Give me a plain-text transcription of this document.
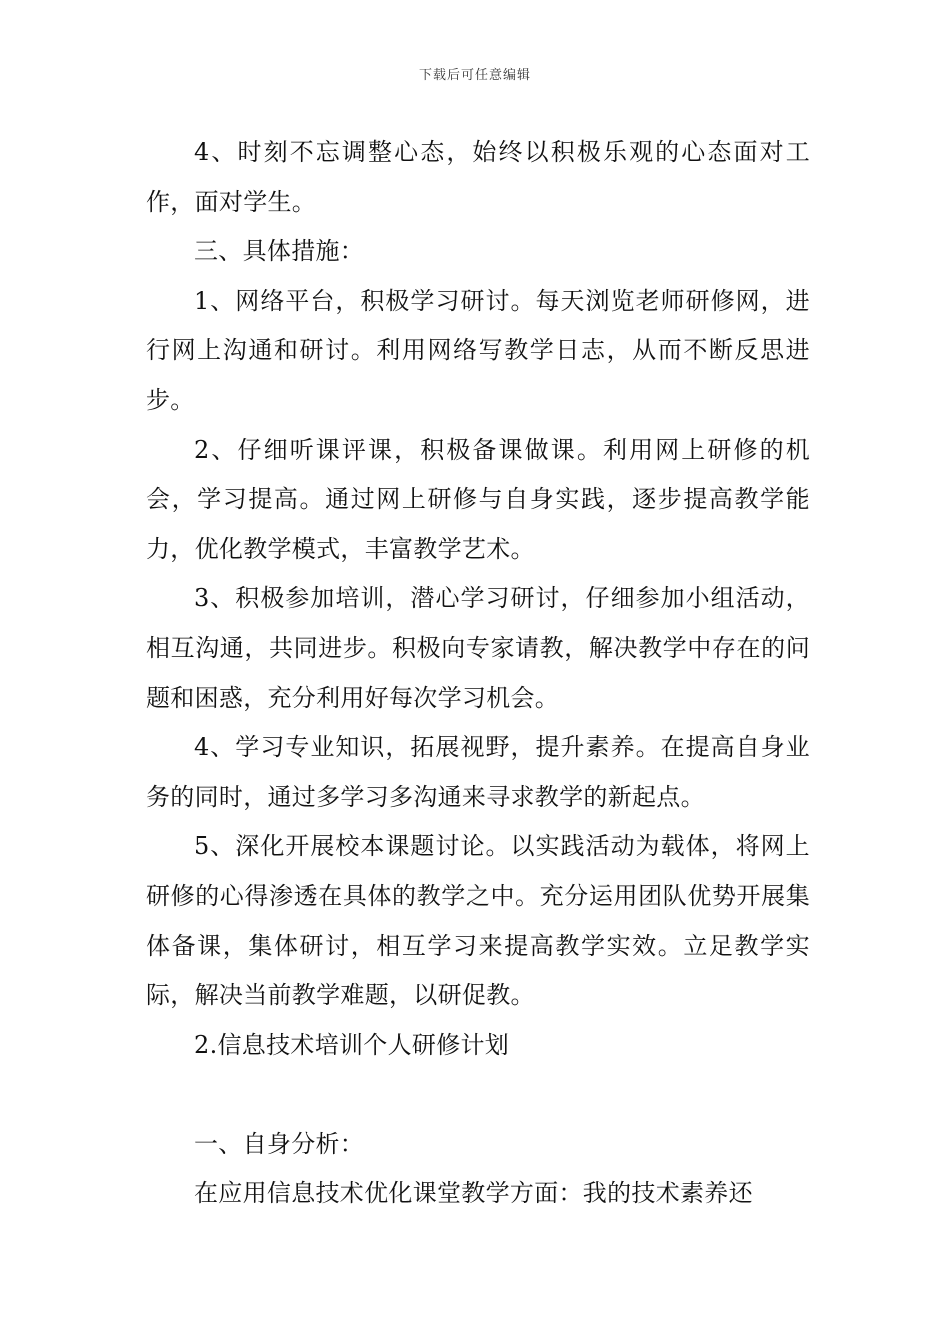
下载后可任意编辑

4、时刻不忘调整心态，始终以积极乐观的心态面对工作，面对学生。

三、具体措施：

1、网络平台，积极学习研讨。每天浏览老师研修网，进行网上沟通和研讨。利用网络写教学日志，从而不断反思进步。

2、仔细听课评课，积极备课做课。利用网上研修的机会，学习提高。通过网上研修与自身实践，逐步提高教学能力，优化教学模式，丰富教学艺术。

3、积极参加培训，潜心学习研讨，仔细参加小组活动，相互沟通，共同进步。积极向专家请教，解决教学中存在的问题和困惑，充分利用好每次学习机会。

4、学习专业知识，拓展视野，提升素养。在提高自身业务的同时，通过多学习多沟通来寻求教学的新起点。

5、深化开展校本课题讨论。以实践活动为载体，将网上研修的心得渗透在具体的教学之中。充分运用团队优势开展集体备课，集体研讨，相互学习来提高教学实效。立足教学实际，解决当前教学难题，以研促教。

2.信息技术培训个人研修计划

一、自身分析：

在应用信息技术优化课堂教学方面：我的技术素养还
